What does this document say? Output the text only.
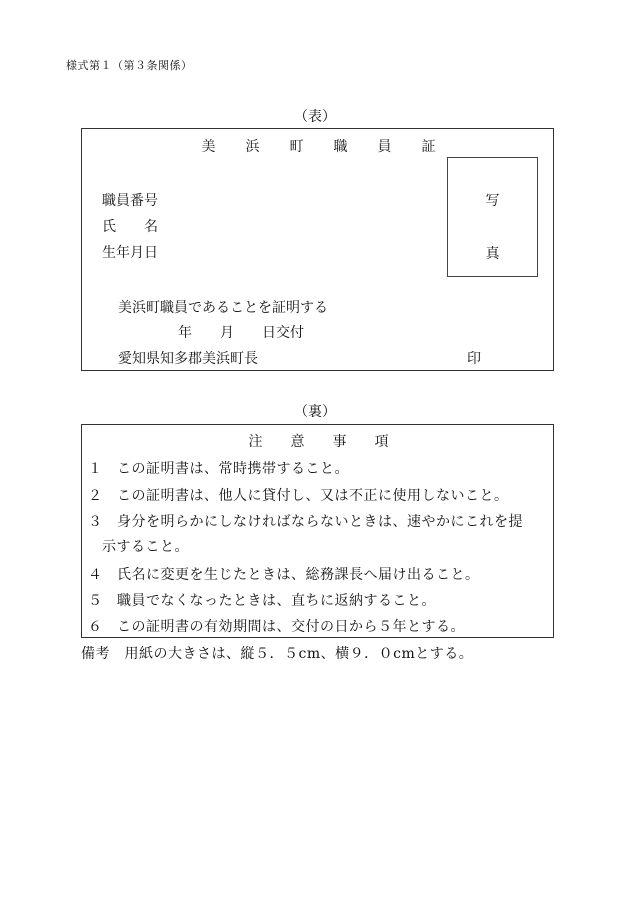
様式第１（第３条関係）
（表）
美浜町職員証
職員番号
氏　　名
生年月日
写
真
美浜町職員であることを証明する
年　　月　　日交付
愛知県知多郡美浜町長	印
（裏）
注意事項
１　この証明書は、常時携帯すること。
２　この証明書は、他人に貸付し、又は不正に使用しないこと。
３　身分を明らかにしなければならないときは、速やかにこれを提
示すること。
４　氏名に変更を生じたときは、総務課長へ届け出ること。
５　職員でなくなったときは、直ちに返納すること。
６　この証明書の有効期間は、交付の日から５年とする。
備考　用紙の大きさは、縦５．５cm、横９．０cmとする。
